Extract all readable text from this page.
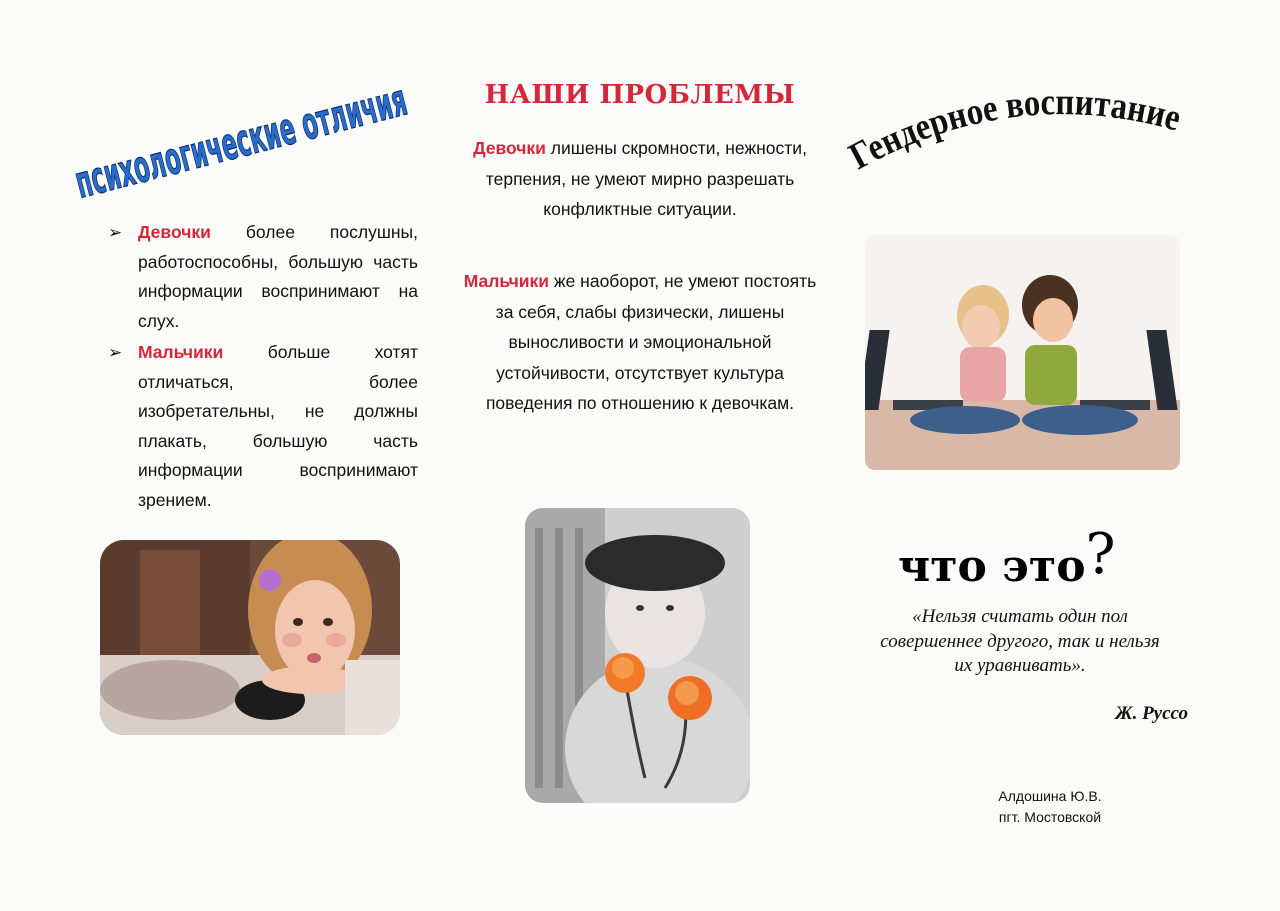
психологические отличия
➢ Девочки более послушны, работоспособны, большую часть информации воспринимают на слух.
➢ Мальчики больше хотят отличаться, более изобретательны, не должны плакать, большую часть информации воспринимают зрением.
НАШИ ПРОБЛЕМЫ

Девочки лишены скромности, нежности, терпения, не умеют мирно разрешать конфликтные ситуации.

Мальчики же наоборот, не умеют постоять за себя, слабы физически, лишены выносливости и эмоциональной устойчивости, отсутствует культура поведения по отношению к девочкам.

Гендерное воспитание
что это?
«Нельзя считать один пол совершеннее другого, так и нельзя их уравнивать».
Ж. Руссо
Алдошина Ю.В.
пгт. Мостовской
